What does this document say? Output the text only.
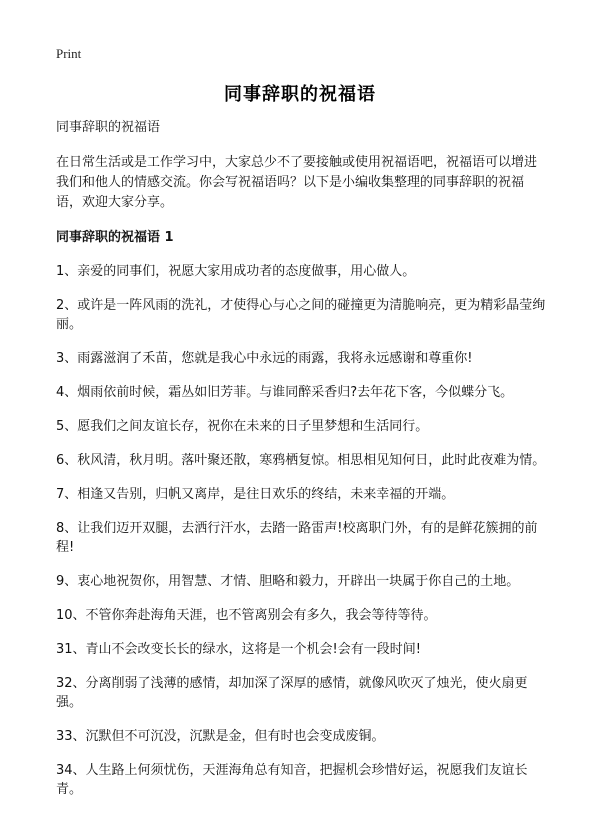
Print
同事辞职的祝福语

同事辞职的祝福语

在日常生活或是工作学习中，大家总少不了要接触或使用祝福语吧，祝福语可以增进我们和他人的情感交流。你会写祝福语吗？以下是小编收集整理的同事辞职的祝福语，欢迎大家分享。

同事辞职的祝福语 1

1、亲爱的同事们，祝愿大家用成功者的态度做事，用心做人。

2、或许是一阵风雨的洗礼，才使得心与心之间的碰撞更为清脆响亮，更为精彩晶莹绚丽。

3、雨露滋润了禾苗，您就是我心中永远的雨露，我将永远感谢和尊重你!

4、烟雨依前时候，霜丛如旧芳菲。与谁同醉采香归?去年花下客，今似蝶分飞。

5、愿我们之间友谊长存，祝你在未来的日子里梦想和生活同行。

6、秋风清，秋月明。落叶聚还散，寒鸦栖复惊。相思相见知何日，此时此夜难为情。

7、相逢又告别，归帆又离岸，是往日欢乐的终结，未来幸福的开端。

8、让我们迈开双腿，去洒行汗水，去踏一路雷声!校离职门外，有的是鲜花簇拥的前程!

9、衷心地祝贺你，用智慧、才情、胆略和毅力，开辟出一块属于你自己的土地。

10、不管你奔赴海角天涯，也不管离别会有多久，我会等待等待。

31、青山不会改变长长的绿水，这将是一个机会!会有一段时间!

32、分离削弱了浅薄的感情，却加深了深厚的感情，就像风吹灭了烛光，使火扇更强。

33、沉默但不可沉没，沉默是金，但有时也会变成废铜。

34、人生路上何须忧伤，天涯海角总有知音，把握机会珍惜好运，祝愿我们友谊长青。
